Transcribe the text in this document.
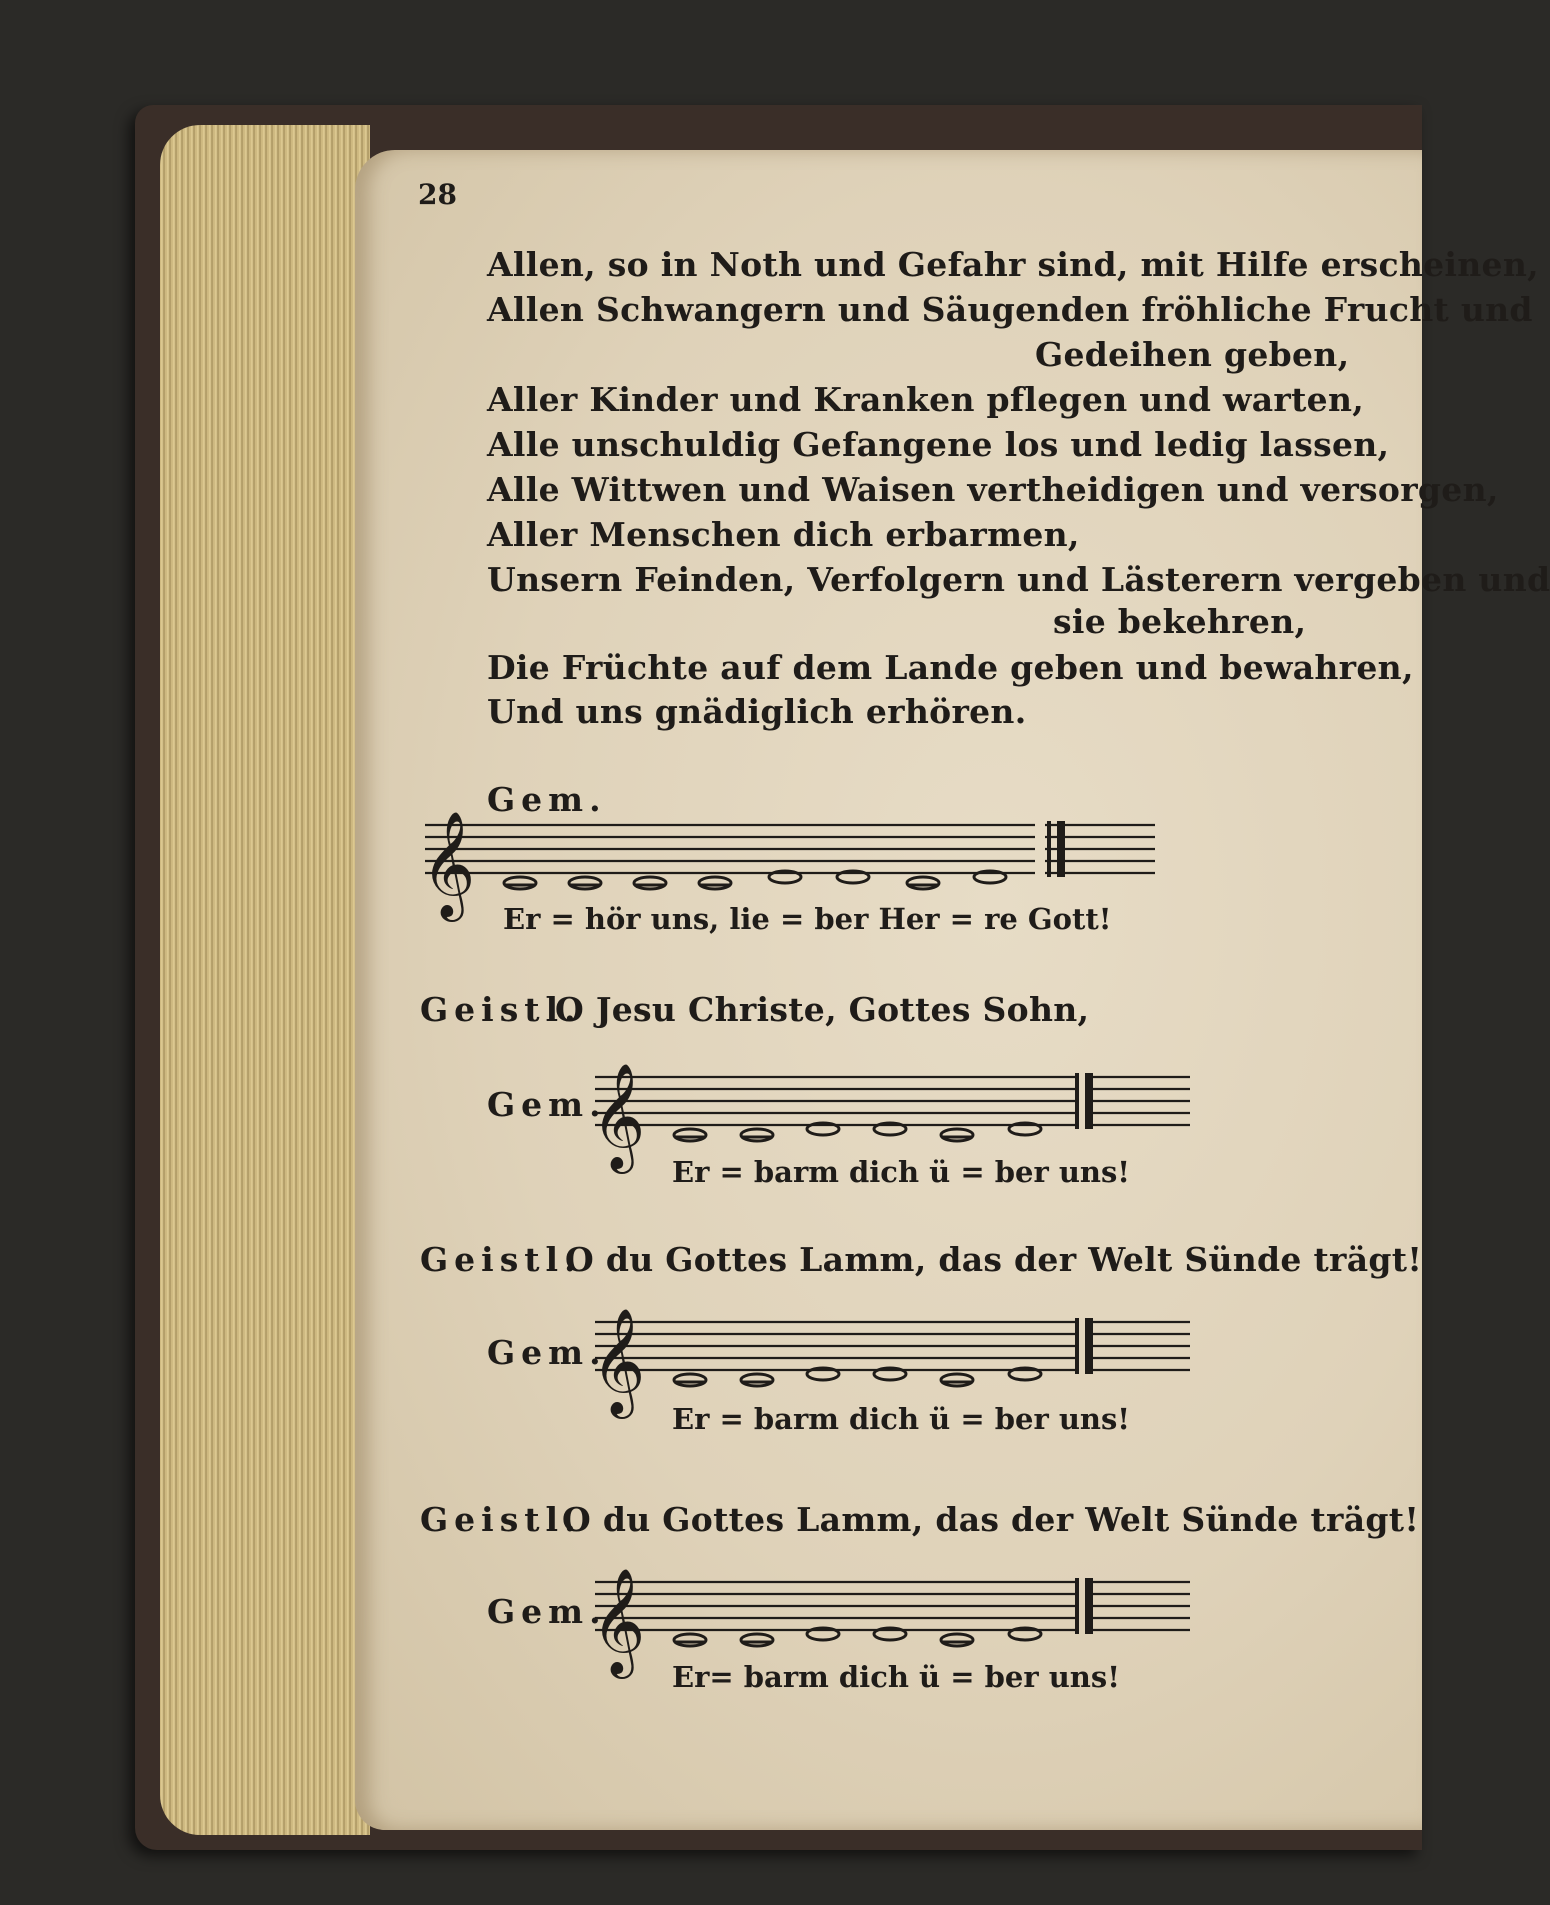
28
Allen, so in Noth und Gefahr sind, mit Hilfe erscheinen,
Allen Schwangern und Säugenden fröhliche Frucht und
Gedeihen geben,
Aller Kinder und Kranken pflegen und warten,
Alle unschuldig Gefangene los und ledig lassen,
Alle Wittwen und Waisen vertheidigen und versorgen,
Aller Menschen dich erbarmen,
Unsern Feinden, Verfolgern und Lästerern vergeben und
sie bekehren,
Die Früchte auf dem Lande geben und bewahren,
Und uns gnädiglich erhören.
Gem.
𝄞
Er = hör uns, lie = ber Her = re Gott!
Geistl.
O Jesu Christe, Gottes Sohn,
Gem.
𝄞
Er = barm dich ü = ber uns!
Geistl.
O du Gottes Lamm, das der Welt Sünde trägt!
Gem.
𝄞
Er = barm dich ü = ber uns!
Geistl.
O du Gottes Lamm, das der Welt Sünde trägt!
Gem.
𝄞
Er= barm dich ü = ber uns!
